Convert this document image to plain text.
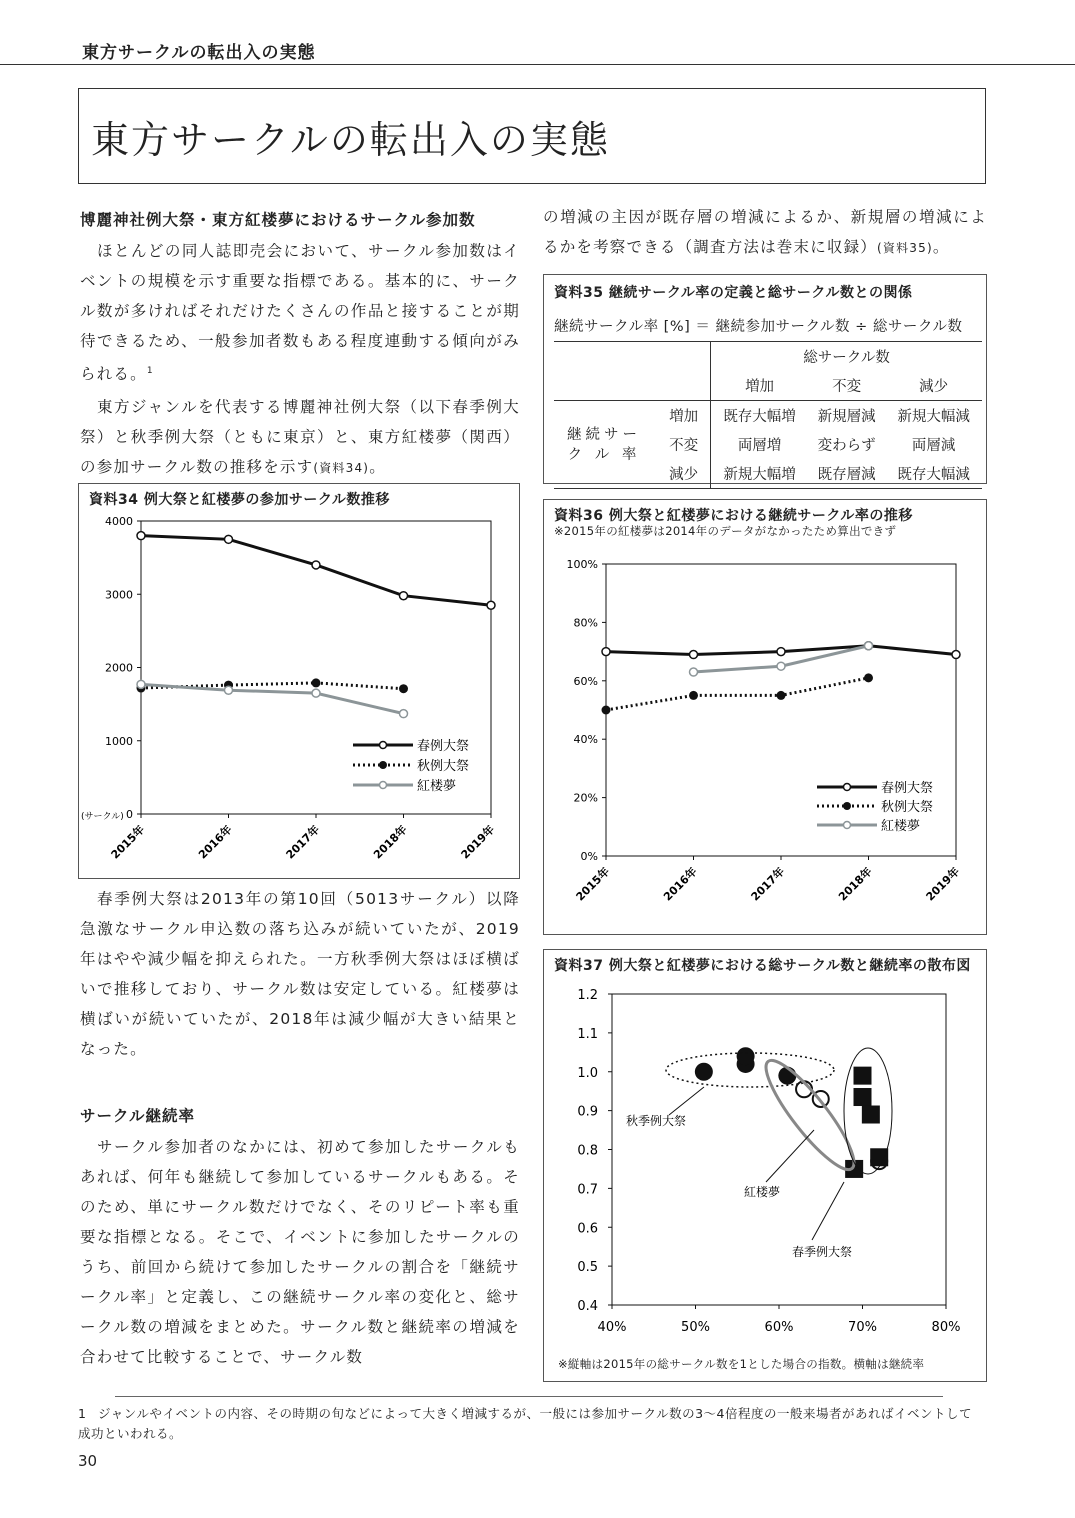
東方サークルの転出入の実態
東方サークルの転出入の実態
博麗神社例大祭・東方紅楼夢におけるサークル参加数
ほとんどの同人誌即売会において、サークル参加数はイベントの規模を示す重要な指標である。基本的に、サークル数が多ければそれだけたくさんの作品と接することが期待できるため、一般参加者数もある程度連動する傾向がみられる。$^1$
東方ジャンルを代表する博麗神社例大祭（以下春季例大祭）と秋季例大祭（ともに東京）と、東方紅楼夢（関西）の参加サークル数の推移を示す(資料34)。
資料34 例大祭と紅楼夢の参加サークル数推移
0
1000
2000
3000
4000
2015年	2016年	2017年	2018年	2019年
(サークル)
春例大祭
秋例大祭
紅楼夢
春季例大祭は2013年の第10回（5013サークル）以降急激なサークル申込数の落ち込みが続いていたが、2019年はやや減少幅を抑えられた。一方秋季例大祭はほぼ横ばいで推移しており、サークル数は安定している。紅楼夢は横ばいが続いていたが、2018年は減少幅が大きい結果となった。
サークル継続率
サークル参加者のなかには、初めて参加したサークルもあれば、何年も継続して参加しているサークルもある。そのため、単にサークル数だけでなく、そのリピート率も重要な指標となる。そこで、イベントに参加したサークルのうち、前回から続けて参加したサークルの割合を「継続サークル率」と定義し、この継続サークル率の変化と、総サークル数の増減をまとめた。サークル数と継続率の増減を合わせて比較することで、サークル数
の増減の主因が既存層の増減によるか、新規層の増減によるかを考察できる（調査方法は巻末に収録）(資料35)。
資料35 継続サークル率の定義と総サークル数との関係
継続サークル率 [%] ＝ 継続参加サークル数 ÷ 総サークル数
		総サークル数		
		増加	不変	減少
継続サーク ル 率	増加	既存大幅増	新規層減	新規大幅減
	不変	両層増	変わらず	両層減
	減少	新規大幅増	既存層減	既存大幅減
資料36 例大祭と紅楼夢における継続サークル率の推移
※2015年の紅楼夢は2014年のデータがなかったため算出できず
0%
20%
40%
60%
80%
100%
2015年	2016年	2017年	2018年	2019年
春例大祭
秋例大祭
紅楼夢
資料37 例大祭と紅楼夢における総サークル数と継続率の散布図
0.4
0.5
0.6
0.7
0.8
0.9
1.0
1.1
1.2
40%	50%	60%	70%	80%
秋季例大祭
紅楼夢
春季例大祭
※縦軸は2015年の総サークル数を1とした場合の指数。横軸は継続率
1 ジャンルやイベントの内容、その時期の旬などによって大きく増減するが、一般には参加サークル数の3～4倍程度の一般来場者があればイベントして成功といわれる。
30
